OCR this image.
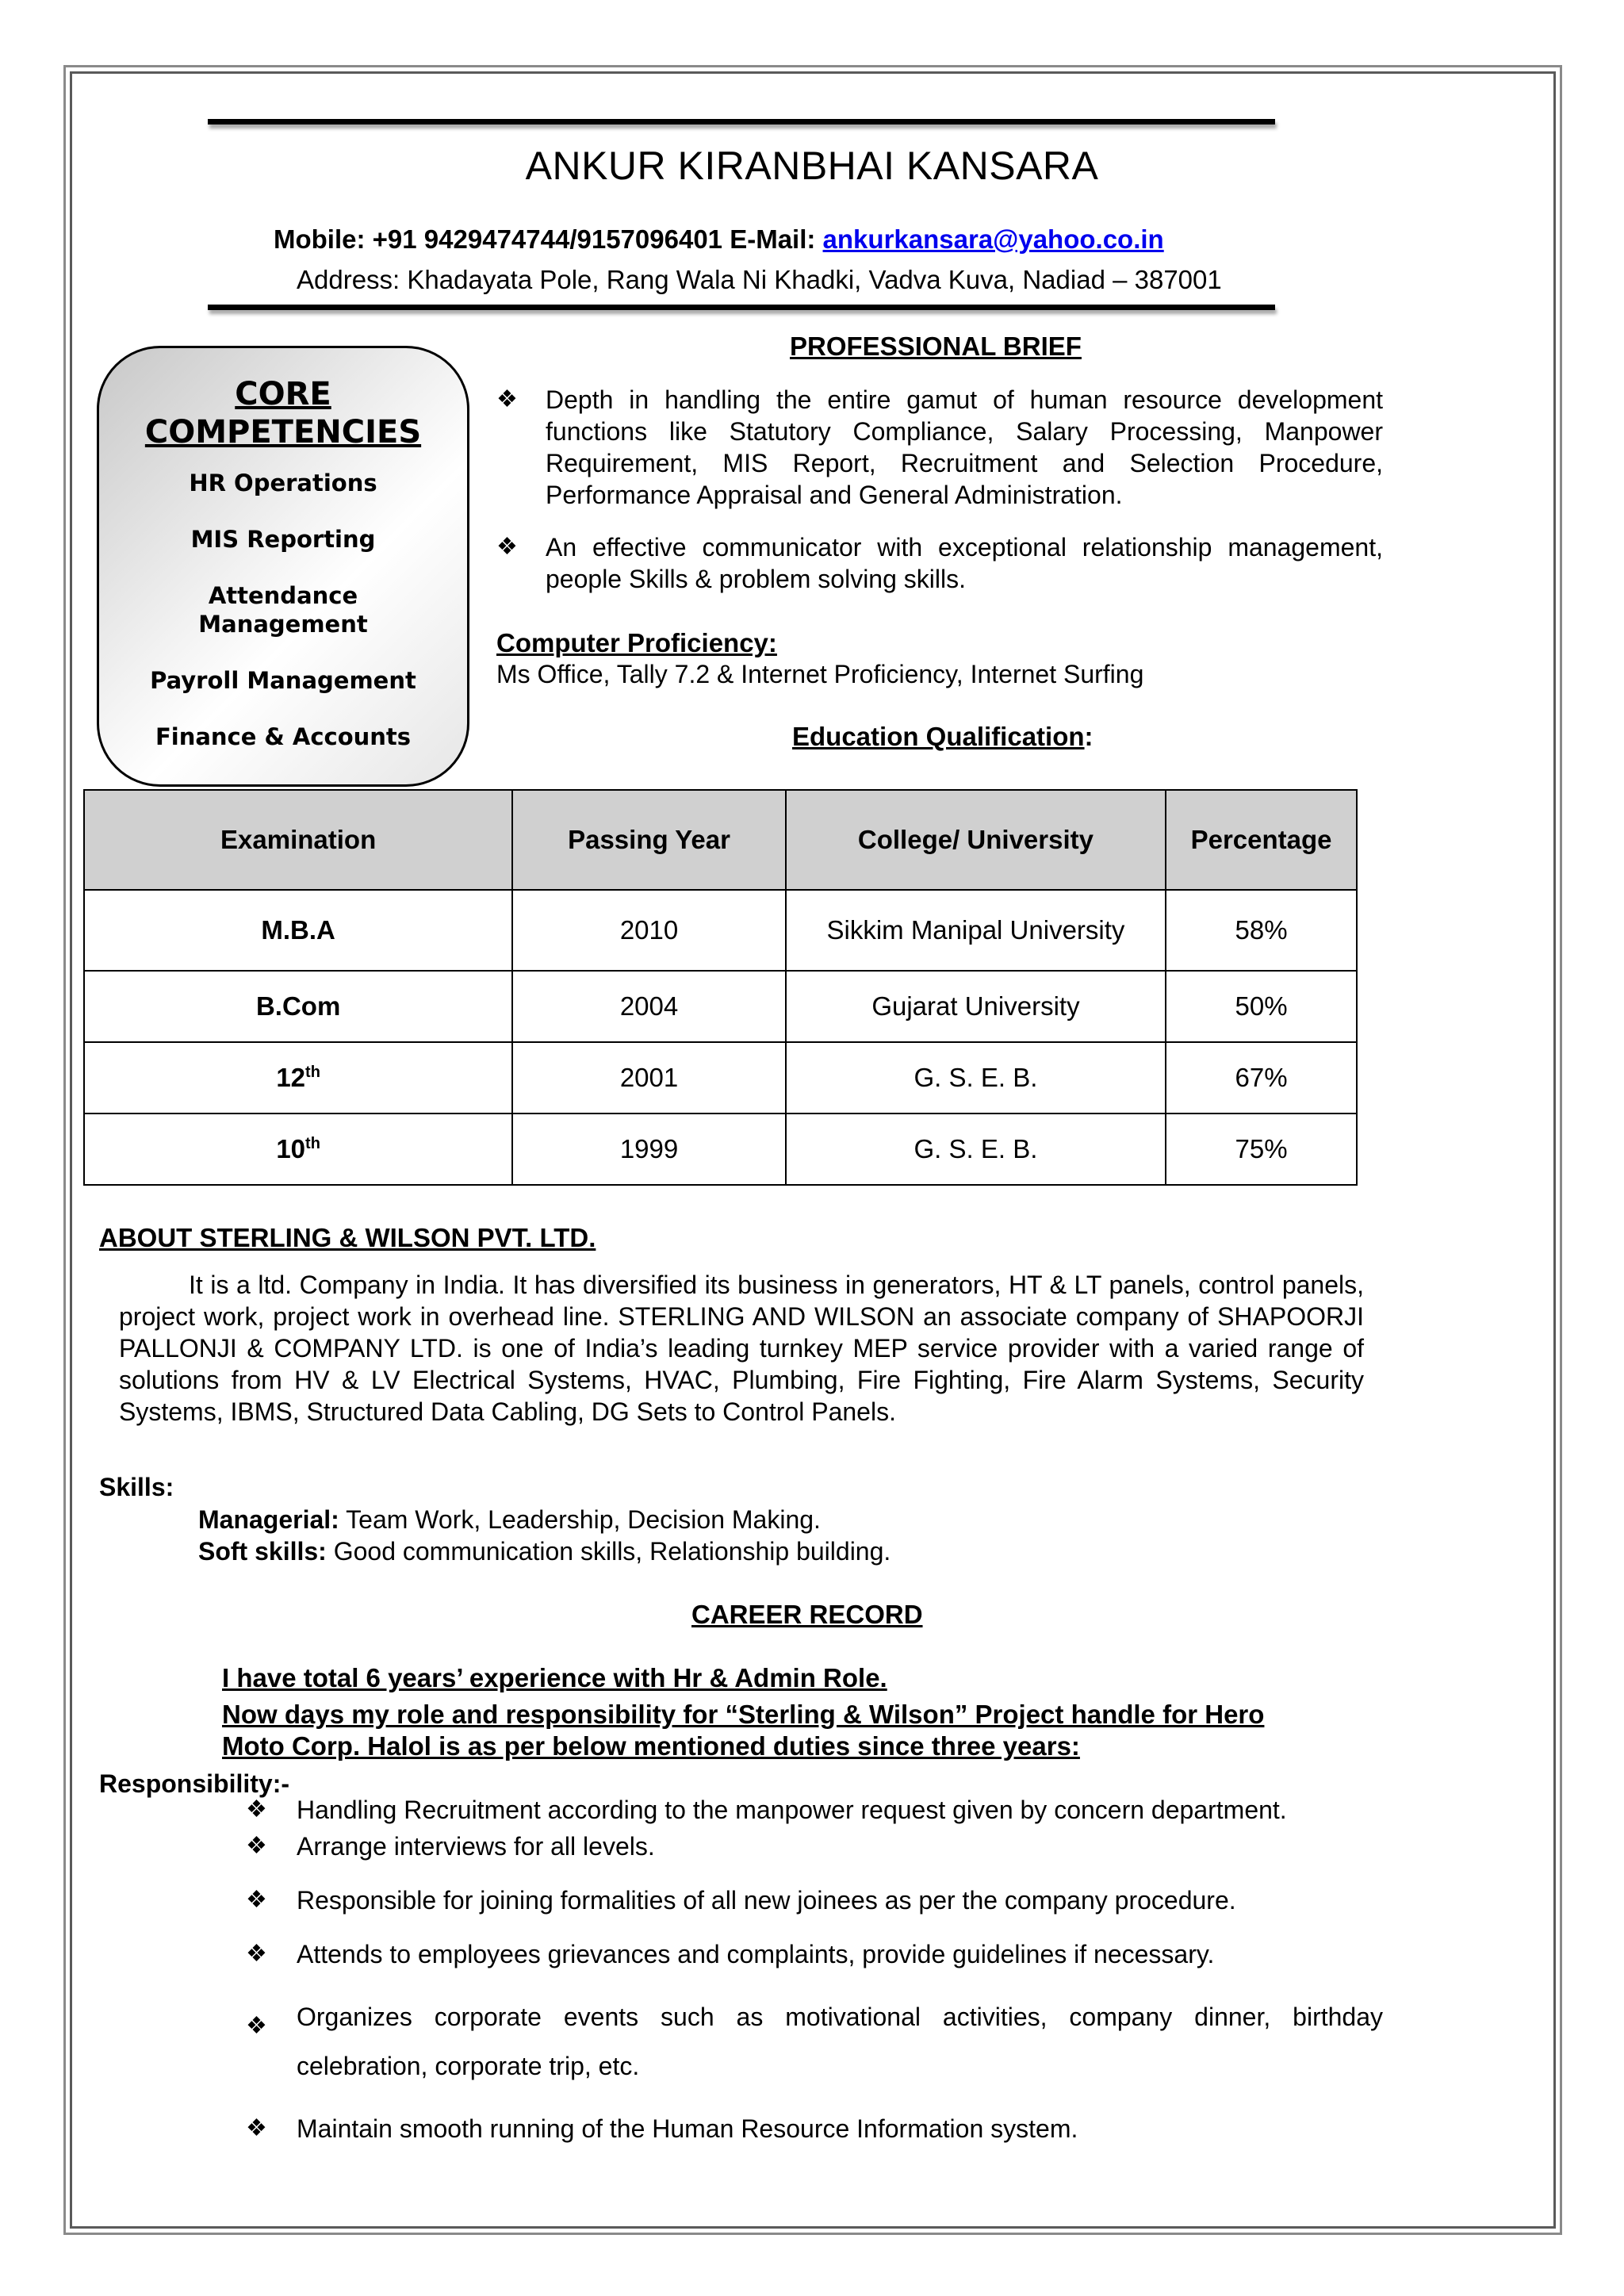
ANKUR KIRANBHAI KANSARA
Mobile: +91 9429474744/9157096401 E-Mail: ankurkansara@yahoo.co.in
Address: Khadayata Pole, Rang Wala Ni Khadki, Vadva Kuva, Nadiad – 387001
CORE
COMPETENCIES
HR Operations
MIS Reporting
Attendance Management
Payroll Management
Finance & Accounts
PROFESSIONAL BRIEF
❖ Depth in handling the entire gamut of human resource development functions like Statutory Compliance, Salary Processing, Manpower Requirement, MIS Report, Recruitment and Selection Procedure, Performance Appraisal and General Administration.
❖ An effective communicator with exceptional relationship management, people Skills & problem solving skills.
Computer Proficiency:
Ms Office, Tally 7.2 & Internet Proficiency, Internet Surfing
Education Qualification:
Examination	Passing Year	College/ University	Percentage
M.B.A	2010	Sikkim Manipal University	58%
B.Com	2004	Gujarat University	50%
12th	2001	G. S. E. B.	67%
10th	1999	G. S. E. B.	75%
ABOUT STERLING & WILSON PVT. LTD.
It is a ltd. Company in India. It has diversified its business in generators, HT & LT panels, control panels, project work, project work in overhead line. STERLING AND WILSON an associate company of SHAPOORJI PALLONJI & COMPANY LTD. is one of India’s leading turnkey MEP service provider with a varied range of solutions from HV & LV Electrical Systems, HVAC, Plumbing, Fire Fighting, Fire Alarm Systems, Security Systems, IBMS, Structured Data Cabling, DG Sets to Control Panels.
Skills:
Managerial: Team Work, Leadership, Decision Making.
Soft skills: Good communication skills, Relationship building.
CAREER RECORD
I have total 6 years’ experience with Hr & Admin Role.
Now days my role and responsibility for “Sterling & Wilson” Project handle for Hero
Moto Corp. Halol is as per below mentioned duties since three years:
Responsibility:-
❖ Handling Recruitment according to the manpower request given by concern department.
❖ Arrange interviews for all levels.
❖ Responsible for joining formalities of all new joinees as per the company procedure.
❖ Attends to employees grievances and complaints, provide guidelines if necessary.
❖ Organizes corporate events such as motivational activities, company dinner, birthday celebration, corporate trip, etc.
❖ Maintain smooth running of the Human Resource Information system.
